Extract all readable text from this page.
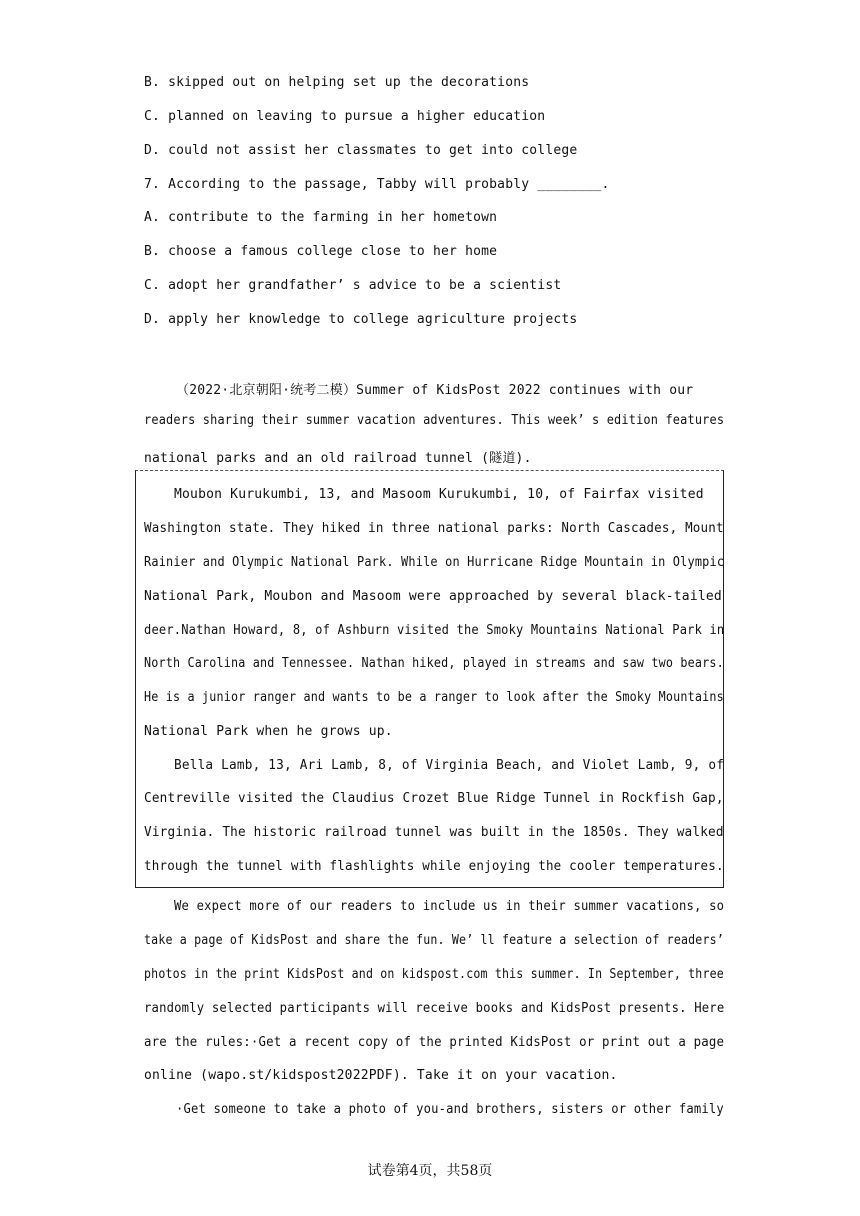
B. skipped out on helping set up the decorations
C. planned on leaving to pursue a higher education
D. could not assist her classmates to get into college
7. According to the passage, Tabby will probably ________.
A. contribute to the farming in her hometown
B. choose a famous college close to her home
C. adopt her grandfather’ s advice to be a scientist
D. apply her knowledge to college agriculture projects
（2022·北京朝阳·统考二模）Summer of KidsPost 2022 continues with our
readers sharing their summer vacation adventures. This week’ s edition features
national parks and an old railroad tunnel (隧道).
Moubon Kurukumbi, 13, and Masoom Kurukumbi, 10, of Fairfax visited
Washington state. They hiked in three national parks: North Cascades, Mount
Rainier and Olympic National Park. While on Hurricane Ridge Mountain in Olympic
National Park, Moubon and Masoom were approached by several black-tailed
deer.Nathan Howard, 8, of Ashburn visited the Smoky Mountains National Park in
North Carolina and Tennessee. Nathan hiked, played in streams and saw two bears.
He is a junior ranger and wants to be a ranger to look after the Smoky Mountains
National Park when he grows up.
Bella Lamb, 13, Ari Lamb, 8, of Virginia Beach, and Violet Lamb, 9, of
Centreville visited the Claudius Crozet Blue Ridge Tunnel in Rockfish Gap,
Virginia. The historic railroad tunnel was built in the 1850s. They walked
through the tunnel with flashlights while enjoying the cooler temperatures.
We expect more of our readers to include us in their summer vacations, so
take a page of KidsPost and share the fun. We’ ll feature a selection of readers’
photos in the print KidsPost and on kidspost.com this summer. In September, three
randomly selected participants will receive books and KidsPost presents. Here
are the rules:·Get a recent copy of the printed KidsPost or print out a page
online (wapo.st/kidspost2022PDF). Take it on your vacation.
·Get someone to take a photo of you-and brothers, sisters or other family
试卷第4页，共58页
